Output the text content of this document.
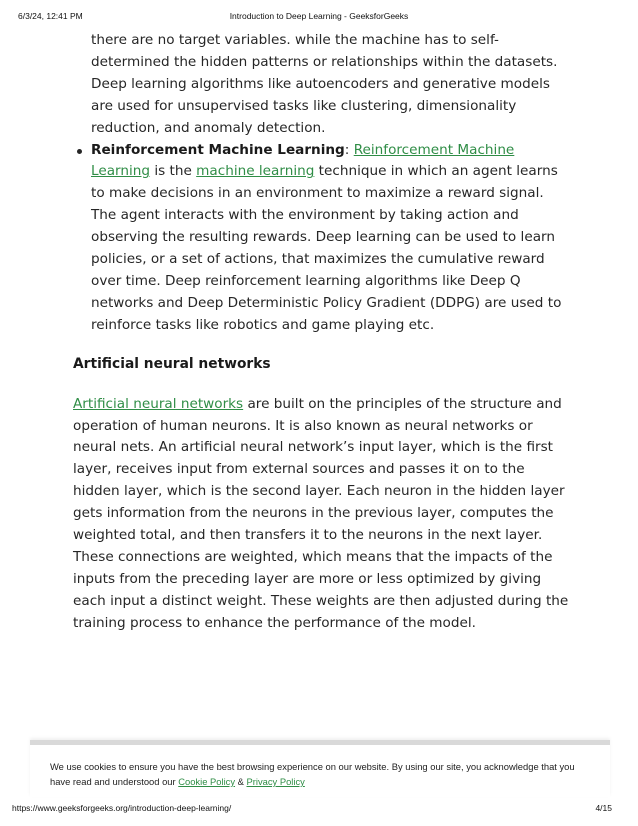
6/3/24, 12:41 PM	Introduction to Deep Learning - GeeksforGeeks

there are no target variables. while the machine has to self-determined the hidden patterns or relationships within the datasets. Deep learning algorithms like autoencoders and generative models are used for unsupervised tasks like clustering, dimensionality reduction, and anomaly detection.

Reinforcement Machine Learning: Reinforcement Machine Learning is the machine learning technique in which an agent learns to make decisions in an environment to maximize a reward signal. The agent interacts with the environment by taking action and observing the resulting rewards. Deep learning can be used to learn policies, or a set of actions, that maximizes the cumulative reward over time. Deep reinforcement learning algorithms like Deep Q networks and Deep Deterministic Policy Gradient (DDPG) are used to reinforce tasks like robotics and game playing etc.
Artificial neural networks

Artificial neural networks are built on the principles of the structure and operation of human neurons. It is also known as neural networks or neural nets. An artificial neural network’s input layer, which is the first layer, receives input from external sources and passes it on to the hidden layer, which is the second layer. Each neuron in the hidden layer gets information from the neurons in the previous layer, computes the weighted total, and then transfers it to the neurons in the next layer. These connections are weighted, which means that the impacts of the inputs from the preceding layer are more or less optimized by giving each input a distinct weight. These weights are then adjusted during the training process to enhance the performance of the model.

We use cookies to ensure you have the best browsing experience on our website. By using our site, you acknowledge that you have read and understood our Cookie Policy & Privacy Policy
https://www.geeksforgeeks.org/introduction-deep-learning/	4/15
